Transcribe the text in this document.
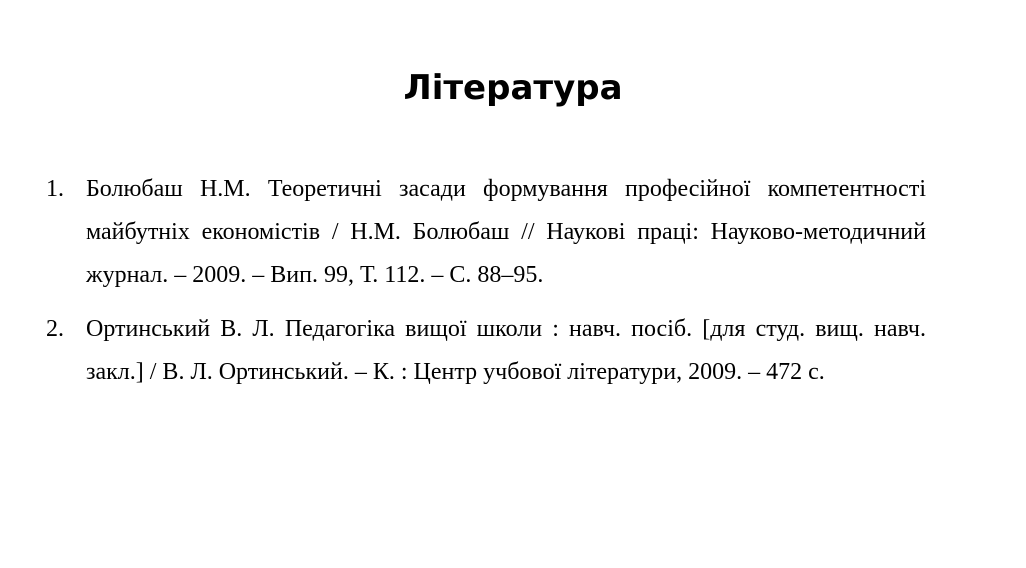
Література
1. Болюбаш Н.М. Теоретичні засади формування професійної компетентності майбутніх економістів / Н.М. Болюбаш // Наукові праці: Науково-методичний журнал. – 2009. – Вип. 99, Т. 112. – С. 88–95.
2. Ортинський В. Л. Педагогіка вищої школи : навч. посіб. [для студ. вищ. навч. закл.] / В. Л. Ортинський. – К. : Центр учбової літератури, 2009. – 472 с.
